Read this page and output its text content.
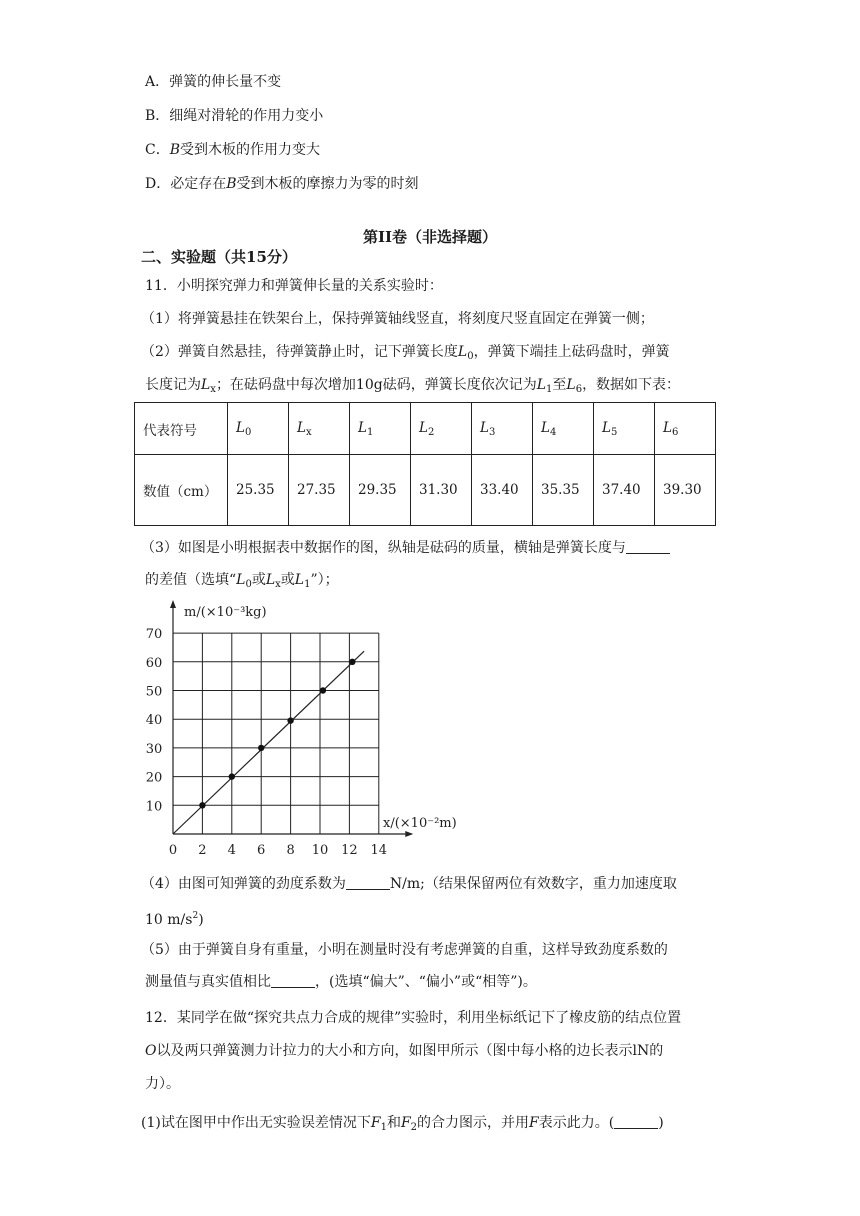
A．弹簧的伸长量不变
B．细绳对滑轮的作用力变小
C．B受到木板的作用力变大
D．必定存在B受到木板的摩擦力为零的时刻
第II卷（非选择题）
二、实验题（共15分）
11．小明探究弹力和弹簧伸长量的关系实验时：
（1）将弹簧悬挂在铁架台上，保持弹簧轴线竖直，将刻度尺竖直固定在弹簧一侧；
（2）弹簧自然悬挂，待弹簧静止时，记下弹簧长度$L_0$，弹簧下端挂上砝码盘时，弹簧
长度记为$L_x$；在砝码盘中每次增加10g砝码，弹簧长度依次记为$L_1$至$L_6$，数据如下表：
代表符号	$L_0$	$L_x$	$L_1$	$L_2$	$L_3$	$L_4$	$L_5$	$L_6$
数值（cm）	25.35	27.35	29.35	31.30	33.40	35.35	37.40	39.30
（3）如图是小明根据表中数据作的图，纵轴是砝码的质量，横轴是弹簧长度与
的差值（选填“$L_0$或$L_x$或$L_1$”）；
0 2 4 6 8 10 12 14
10
20
30
40
50
60
70
m/(×10⁻³kg)
x/(×10⁻²m)
（4）由图可知弹簧的劲度系数为	N/m;（结果保留两位有效数字，重力加速度取
10 $m/s^2$)
（5）由于弹簧自身有重量，小明在测量时没有考虑弹簧的自重，这样导致劲度系数的
测量值与真实值相比	，(选填“偏大”、“偏小”或“相等”)。
12．某同学在做“探究共点力合成的规律”实验时，利用坐标纸记下了橡皮筋的结点位置
O以及两只弹簧测力计拉力的大小和方向，如图甲所示（图中每小格的边长表示lN的
力）。
(1)试在图甲中作出无实验误差情况下$F_1$和$F_2$的合力图示，并用F表示此力。(	)
